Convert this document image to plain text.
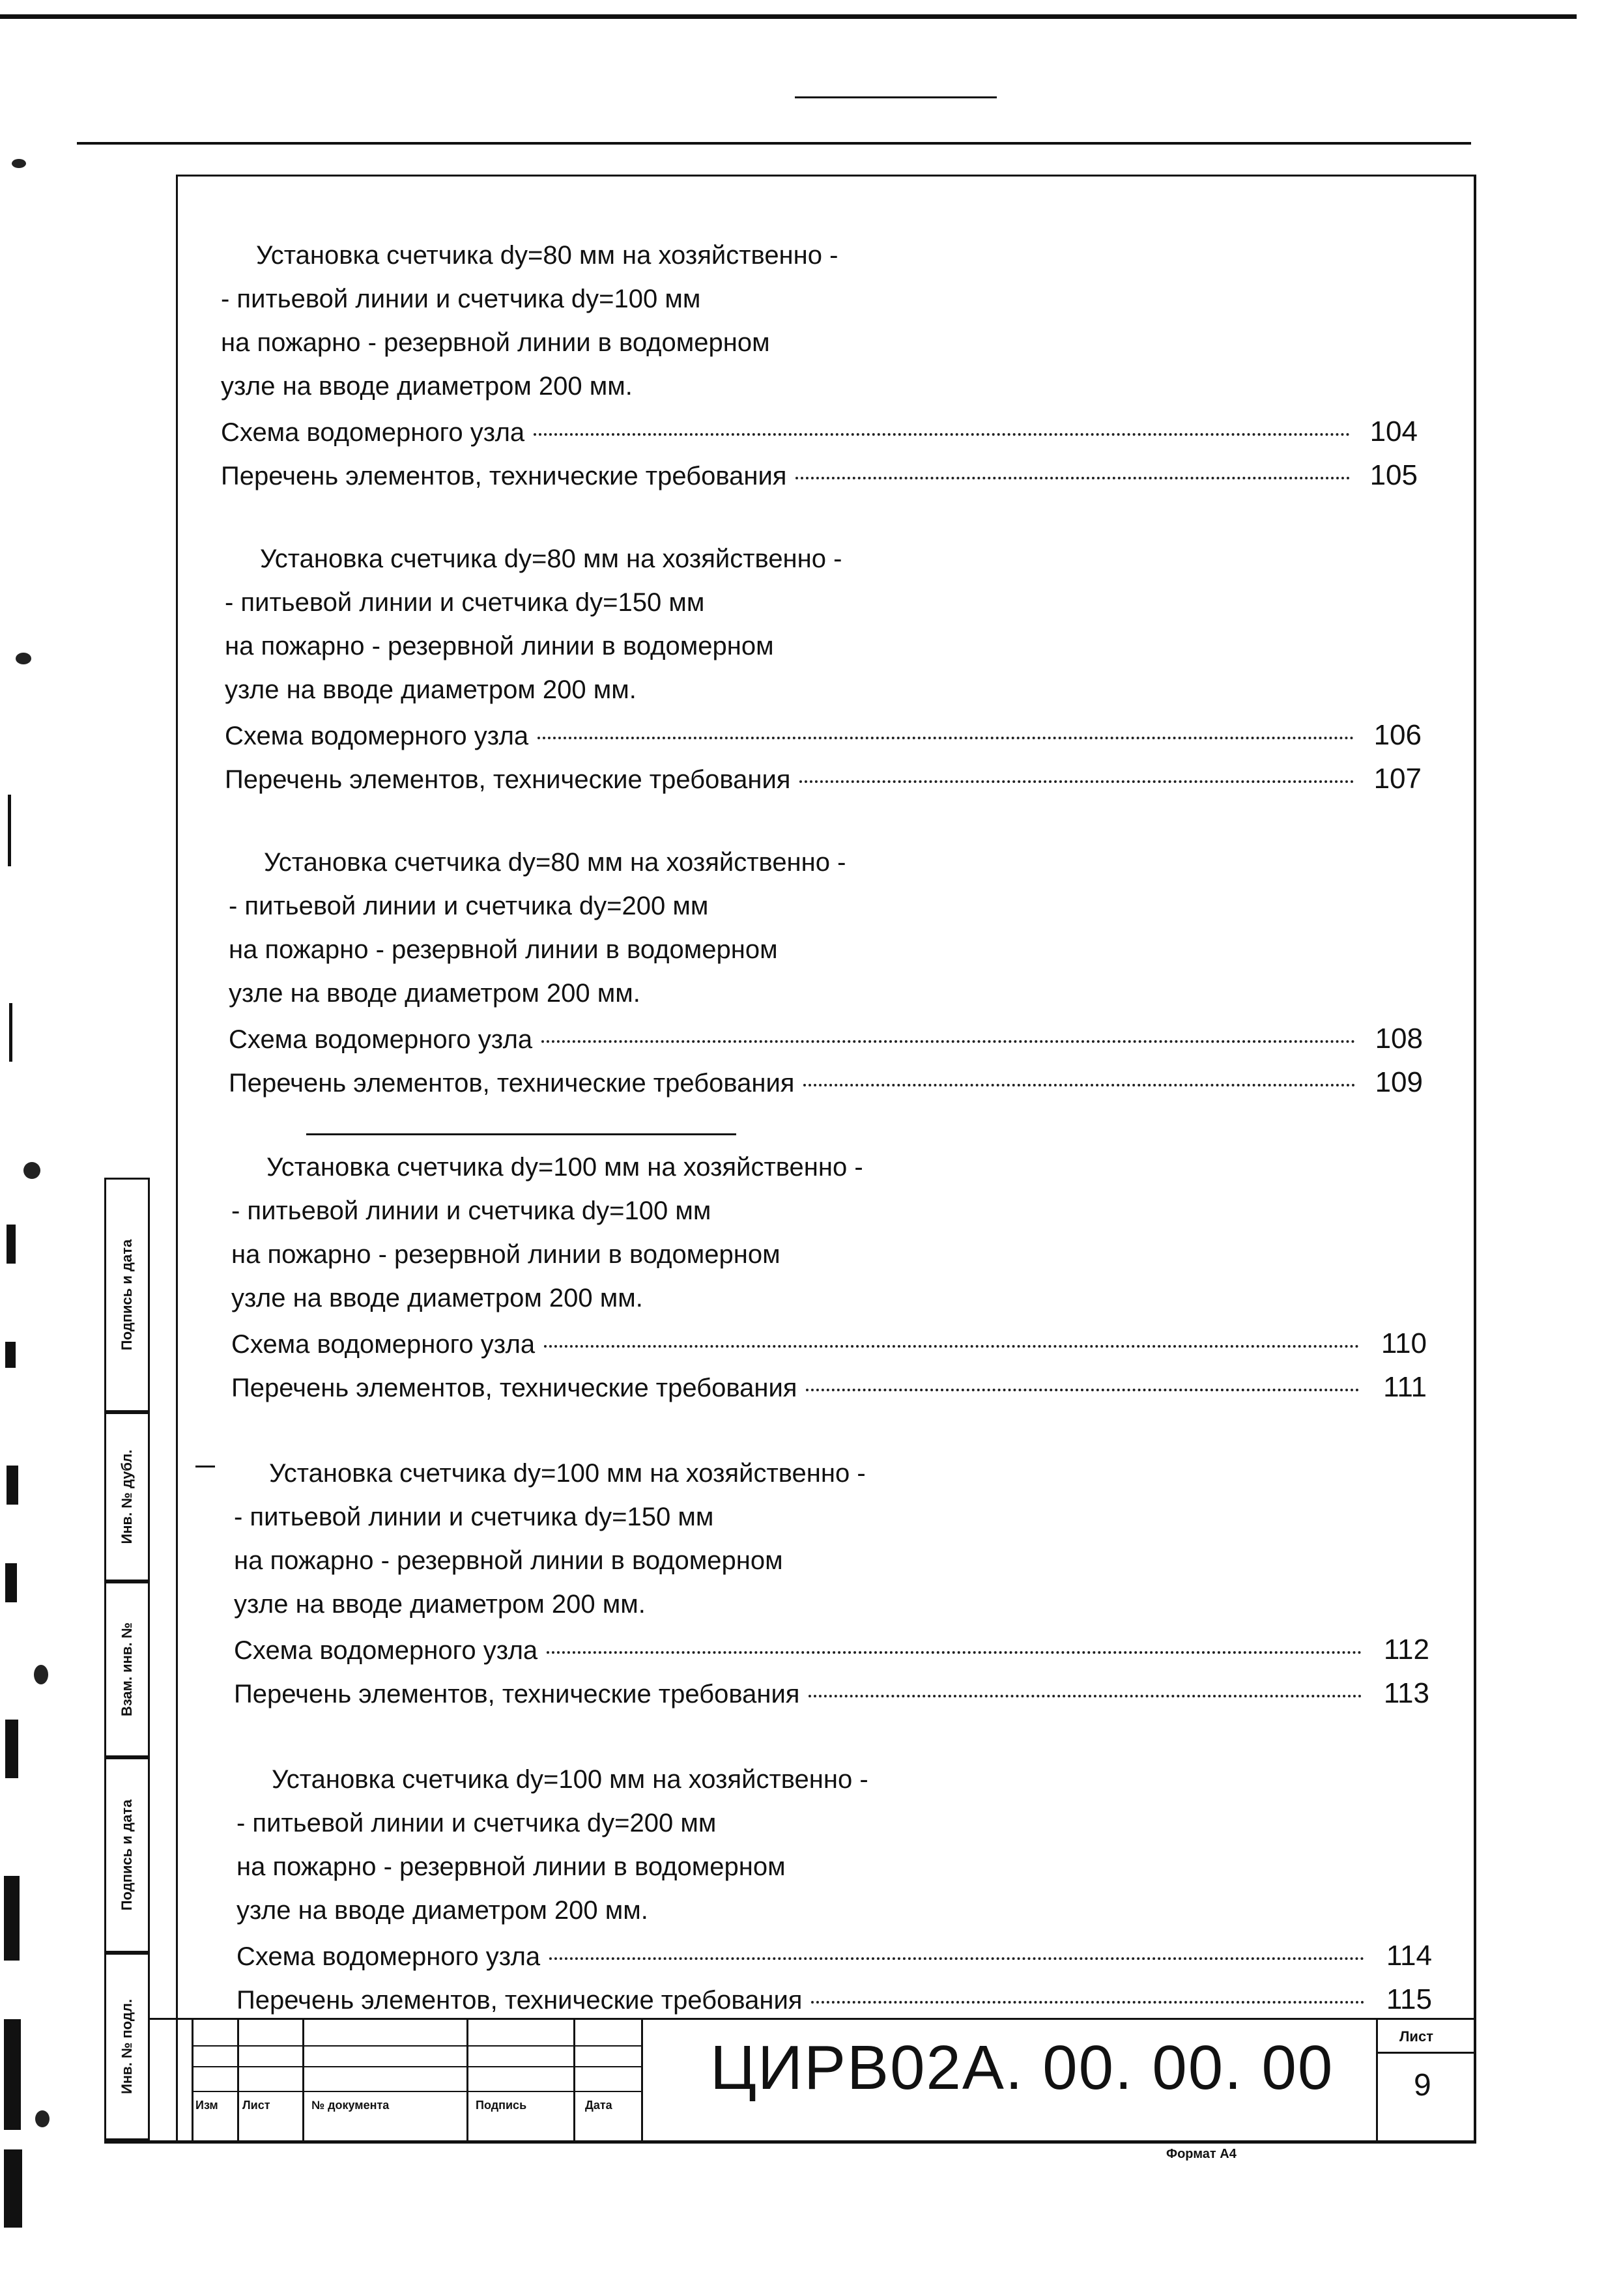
Установка счетчика dy=80 мм на хозяйственно -
- питьевой линии и счетчика dy=100 мм
на пожарно - резервной линии в водомерном
узле на вводе диаметром 200 мм.
Схема водомерного узла	104
Перечень элементов, технические требования	105
Установка счетчика dy=80 мм на хозяйственно -
- питьевой линии и счетчика dy=150 мм
на пожарно - резервной линии в водомерном
узле на вводе диаметром 200 мм.
Схема водомерного узла	106
Перечень элементов, технические требования	107
Установка счетчика dy=80 мм на хозяйственно -
- питьевой линии и счетчика dy=200 мм
на пожарно - резервной линии в водомерном
узле на вводе диаметром 200 мм.
Схема водомерного узла	108
Перечень элементов, технические требования	109
Установка счетчика dy=100 мм на хозяйственно -
- питьевой линии и счетчика dy=100 мм
на пожарно - резервной линии в водомерном
узле на вводе диаметром 200 мм.
Схема водомерного узла	110
Перечень элементов, технические требования	111
Установка счетчика dy=100 мм на хозяйственно -
- питьевой линии и счетчика dy=150 мм
на пожарно - резервной линии в водомерном
узле на вводе диаметром 200 мм.
Схема водомерного узла	112
Перечень элементов, технические требования	113
Установка счетчика dy=100 мм на хозяйственно -
- питьевой линии и счетчика dy=200 мм
на пожарно - резервной линии в водомерном
узле на вводе диаметром 200 мм.
Схема водомерного узла	114
Перечень элементов, технические требования	115
Подпись и дата
Инв. № дубл.
Взам. инв. №
Подпись и дата
Инв. № подл.
Изм Лист	№ документа	Подпись	Дата
ЦИРВ02А. 00. 00. 00	Лист
9
Формат А4
